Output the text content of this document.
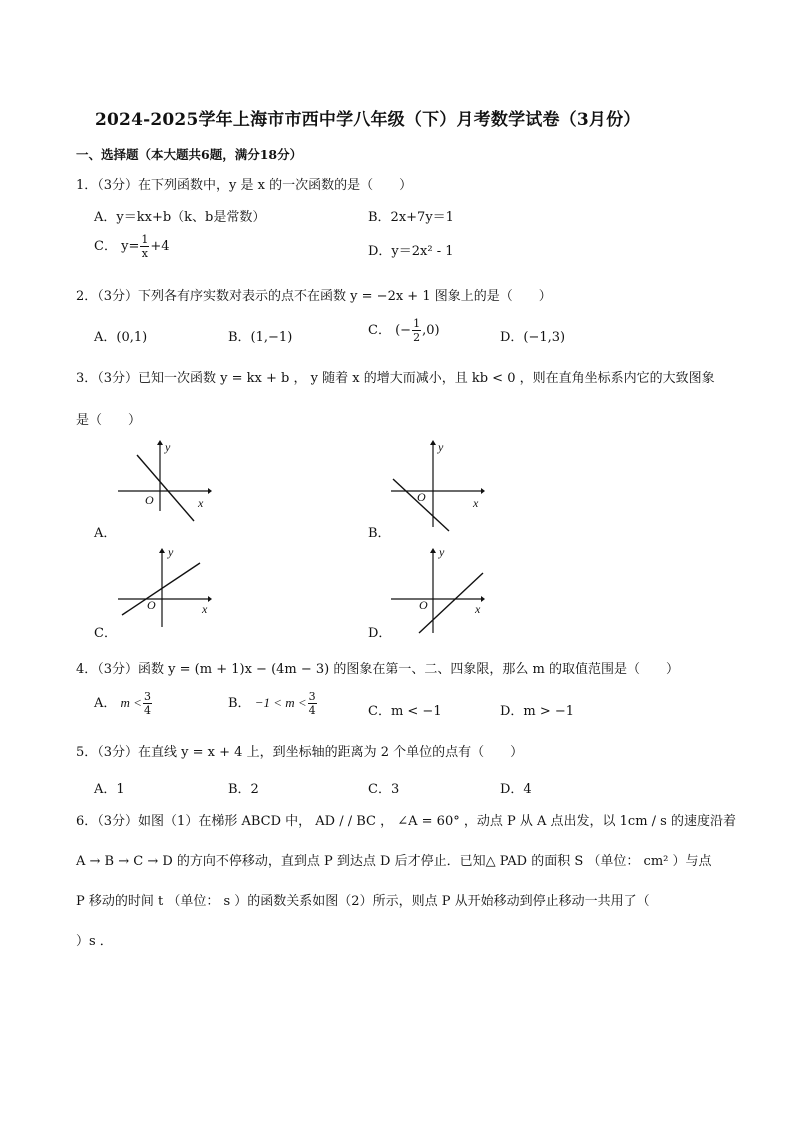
2024-2025学年上海市市西中学八年级（下）月考数学试卷（3月份）
一、选择题（本大题共6题，满分18分）
1．（3分）在下列函数中，y 是 x 的一次函数的是（　　）
A．y＝kx+b（k、b是常数）	B．2x+7y＝1
C． $y= \frac{1}{x} +4$	D．y＝2x² - 1
2．（3分）下列各有序实数对表示的点不在函数 y = −2x + 1 图象上的是（　　）
A．(0,1)	B．(1,−1)	C． (− $\frac{1}{2} ,0$)	D．(−1,3)
3．（3分）已知一次函数 y = kx + b ， y 随着 x 的增大而减小，且 kb < 0 ，则在直角坐标系内它的大致图象
是（　　）
O	x
y
A．
O	x
y
B．
O	x
y
C．
O	x
y
D．
4．（3分）函数 y = (m + 1)x − (4m − 3) 的图象在第一、二、四象限，那么 m 的取值范围是（　　）
A． $m < \frac{3}{4}$	B． $-1 < m < \frac{3}{4}$	C．m < −1	D．m > −1
5．（3分）在直线 y = x + 4 上，到坐标轴的距离为 2 个单位的点有（　　）
A．1	B．2	C．3	D．4
6．（3分）如图（1）在梯形 ABCD 中， AD / / BC ， ∠A = 60° ，动点 P 从 A 点出发，以 1cm / s 的速度沿着
A → B → C → D 的方向不停移动，直到点 P 到达点 D 后才停止．已知△ PAD 的面积 S （单位： cm² ）与点
P 移动的时间 t （单位： s ）的函数关系如图（2）所示，则点 P 从开始移动到停止移动一共用了（
）s ．
